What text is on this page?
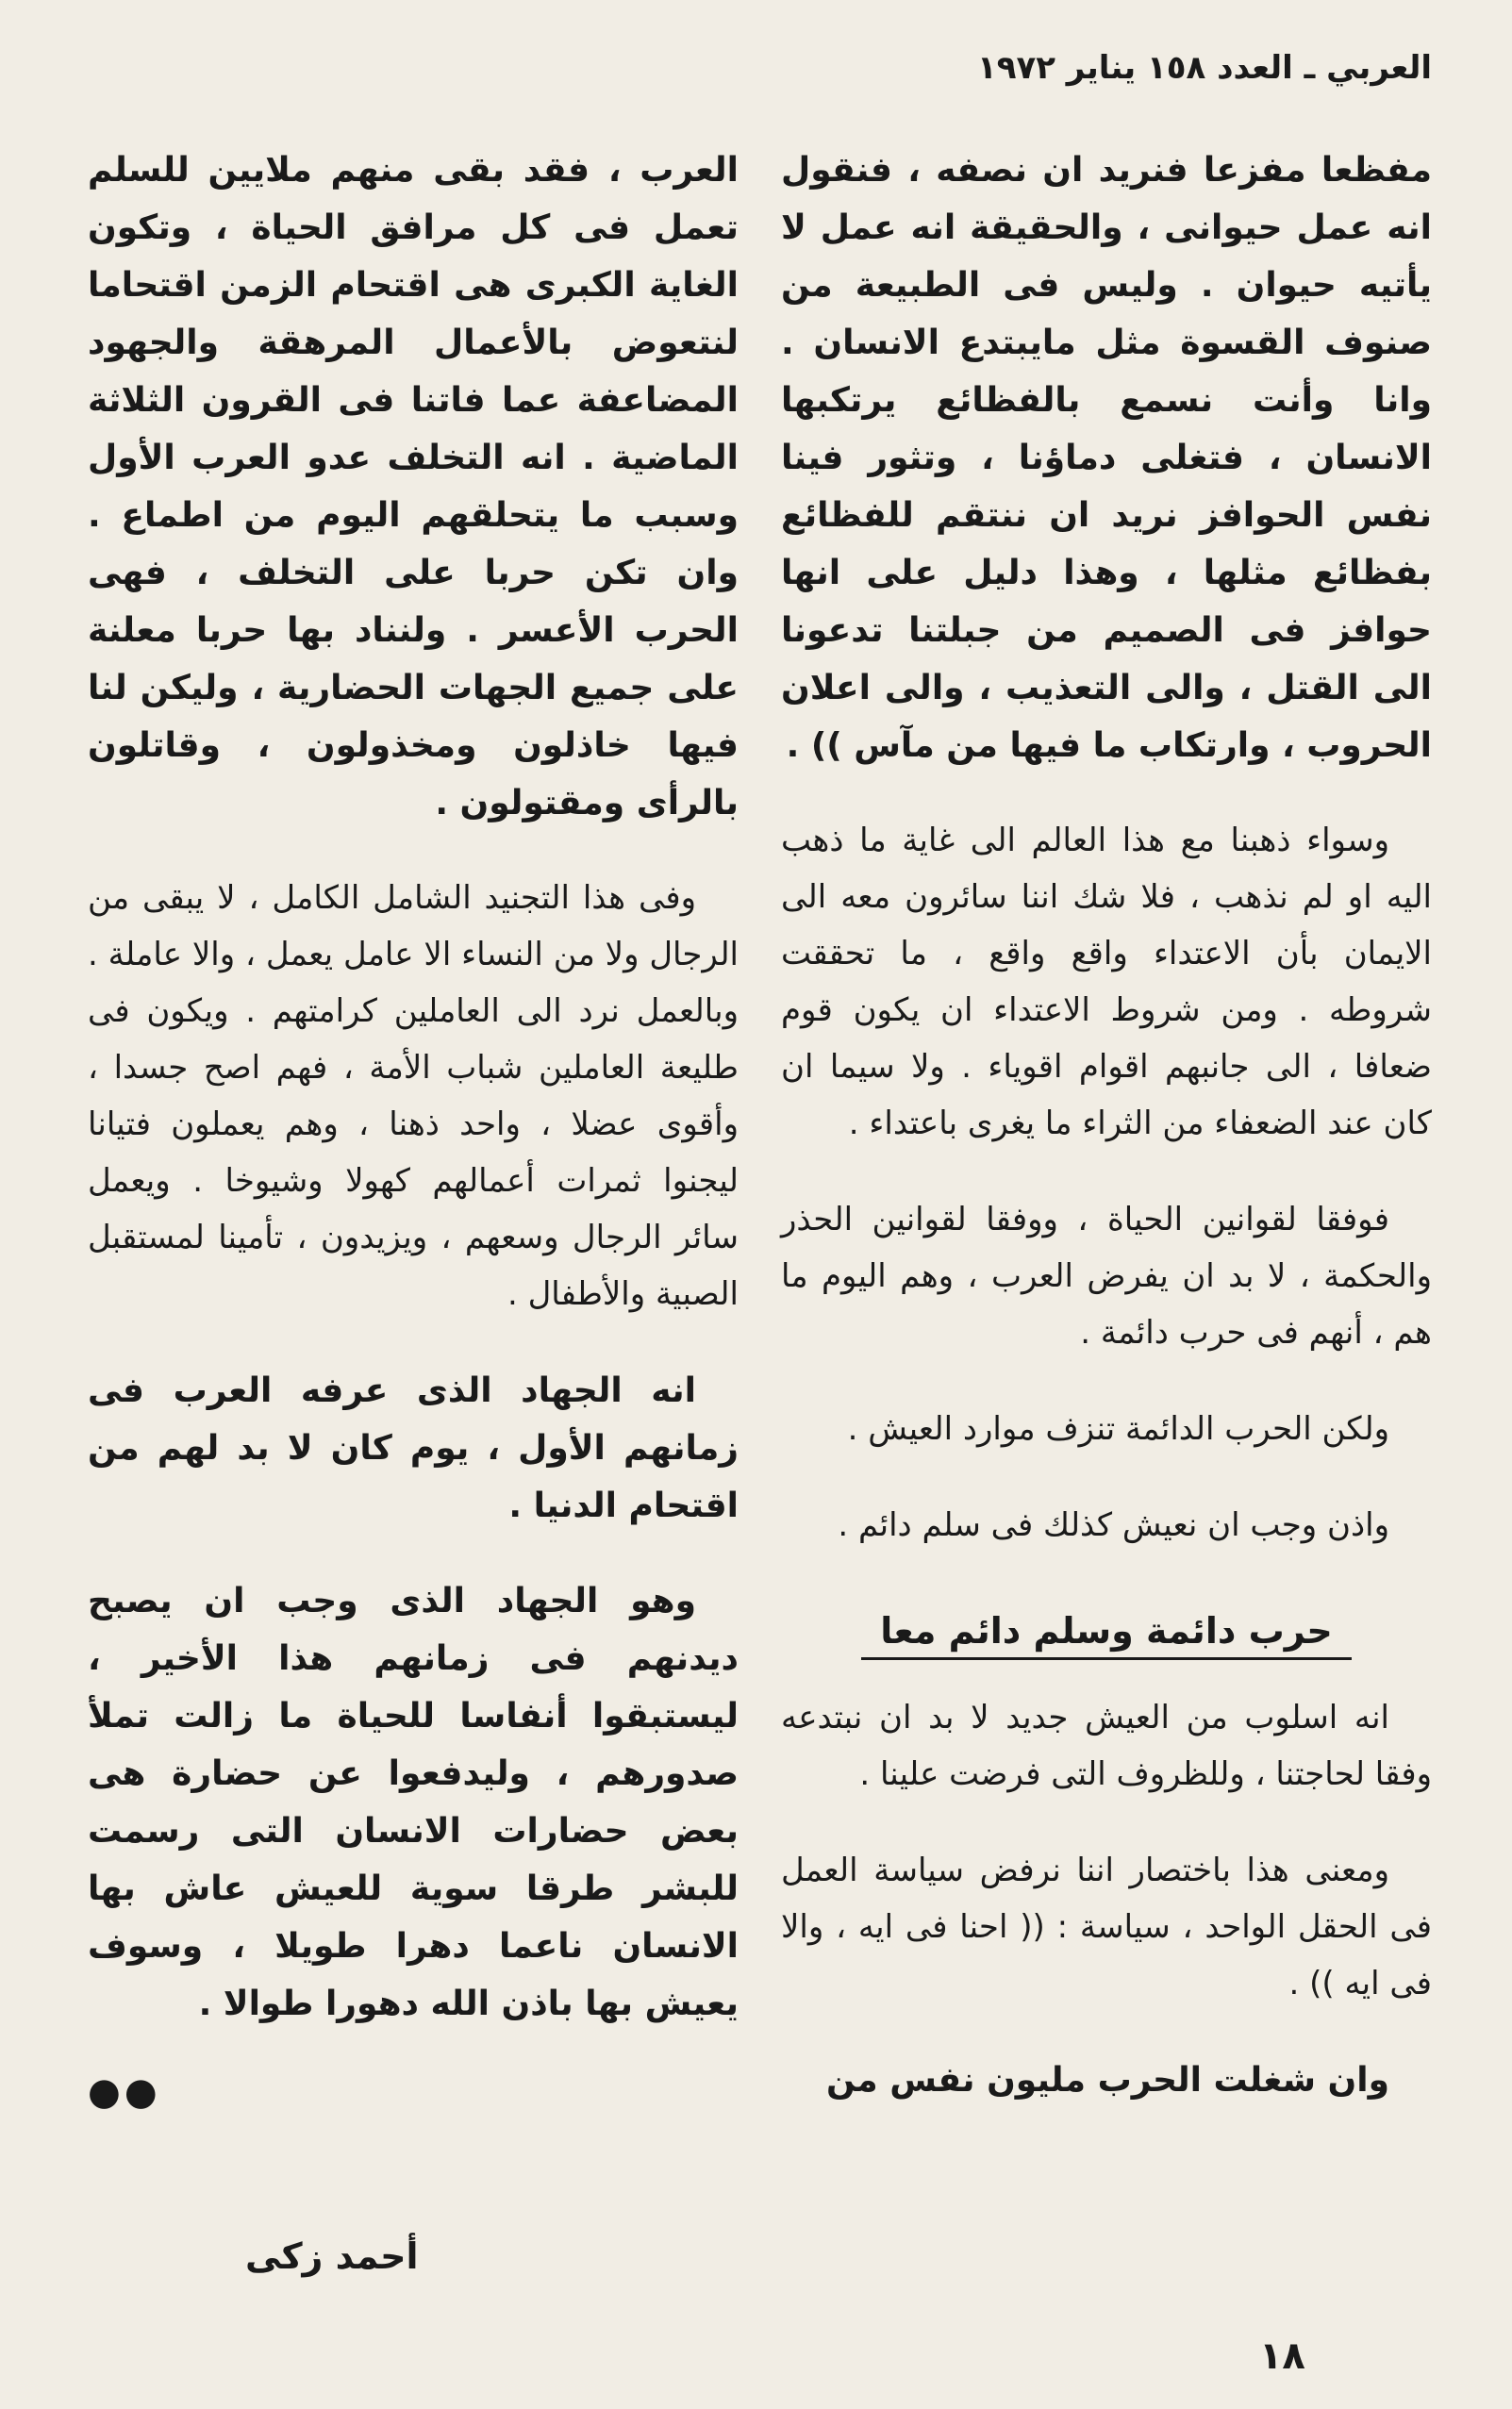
العربي ـ العدد ١٥٨ يناير ١٩٧٢

مفظعا مفزعا فنريد ان نصفه ، فنقول انه عمل حيوانى ، والحقيقة انه عمل لا يأتيه حيوان . وليس فى الطبيعة من صنوف القسوة مثل مايبتدع الانسان . وانا وأنت نسمع بالفظائع يرتكبها الانسان ، فتغلى دماؤنا ، وتثور فينا نفس الحوافز نريد ان ننتقم للفظائع بفظائع مثلها ، وهذا دليل على انها حوافز فى الصميم من جبلتنا تدعونا الى القتل ، والى التعذيب ، والى اعلان الحروب ، وارتكاب ما فيها من مآس )) .

وسواء ذهبنا مع هذا العالم الى غاية ما ذهب اليه او لم نذهب ، فلا شك اننا سائرون معه الى الايمان بأن الاعتداء واقع واقع ، ما تحققت شروطه . ومن شروط الاعتداء ان يكون قوم ضعافا ، الى جانبهم اقوام اقوياء . ولا سيما ان كان عند الضعفاء من الثراء ما يغرى باعتداء .

فوفقا لقوانين الحياة ، ووفقا لقوانين الحذر والحكمة ، لا بد ان يفرض العرب ، وهم اليوم ما هم ، أنهم فى حرب دائمة .

ولكن الحرب الدائمة تنزف موارد العيش .

واذن وجب ان نعيش كذلك فى سلم دائم .

حرب دائمة وسلم دائم معا

انه اسلوب من العيش جديد لا بد ان نبتدعه وفقا لحاجتنا ، وللظروف التى فرضت علينا .

ومعنى هذا باختصار اننا نرفض سياسة العمل فى الحقل الواحد ، سياسة : (( احنا فى ايه ، والا فى ايه )) .

وان شغلت الحرب مليون نفس من

العرب ، فقد بقى منهم ملايين للسلم تعمل فى كل مرافق الحياة ، وتكون الغاية الكبرى هى اقتحام الزمن اقتحاما لنتعوض بالأعمال المرهقة والجهود المضاعفة عما فاتنا فى القرون الثلاثة الماضية . انه التخلف عدو العرب الأول وسبب ما يتحلقهم اليوم من اطماع . وان تكن حربا على التخلف ، فهى الحرب الأعسر . ولنناد بها حربا معلنة على جميع الجهات الحضارية ، وليكن لنا فيها خاذلون ومخذولون ، وقاتلون بالرأى ومقتولون .

وفى هذا التجنيد الشامل الكامل ، لا يبقى من الرجال ولا من النساء الا عامل يعمل ، والا عاملة . وبالعمل نرد الى العاملين كرامتهم . ويكون فى طليعة العاملين شباب الأمة ، فهم اصح جسدا ، وأقوى عضلا ، واحد ذهنا ، وهم يعملون فتيانا ليجنوا ثمرات أعمالهم كهولا وشيوخا . ويعمل سائر الرجال وسعهم ، ويزيدون ، تأمينا لمستقبل الصبية والأطفال .

انه الجهاد الذى عرفه العرب فى زمانهم الأول ، يوم كان لا بد لهم من اقتحام الدنيا .

وهو الجهاد الذى وجب ان يصبح ديدنهم فى زمانهم هذا الأخير ، ليستبقوا أنفاسا للحياة ما زالت تملأ صدورهم ، وليدفعوا عن حضارة هى بعض حضارات الانسان التى رسمت للبشر طرقا سوية للعيش عاش بها الانسان ناعما دهرا طويلا ، وسوف يعيش بها باذن الله دهورا طوالا .

●●
أحمد زكى
١٨
